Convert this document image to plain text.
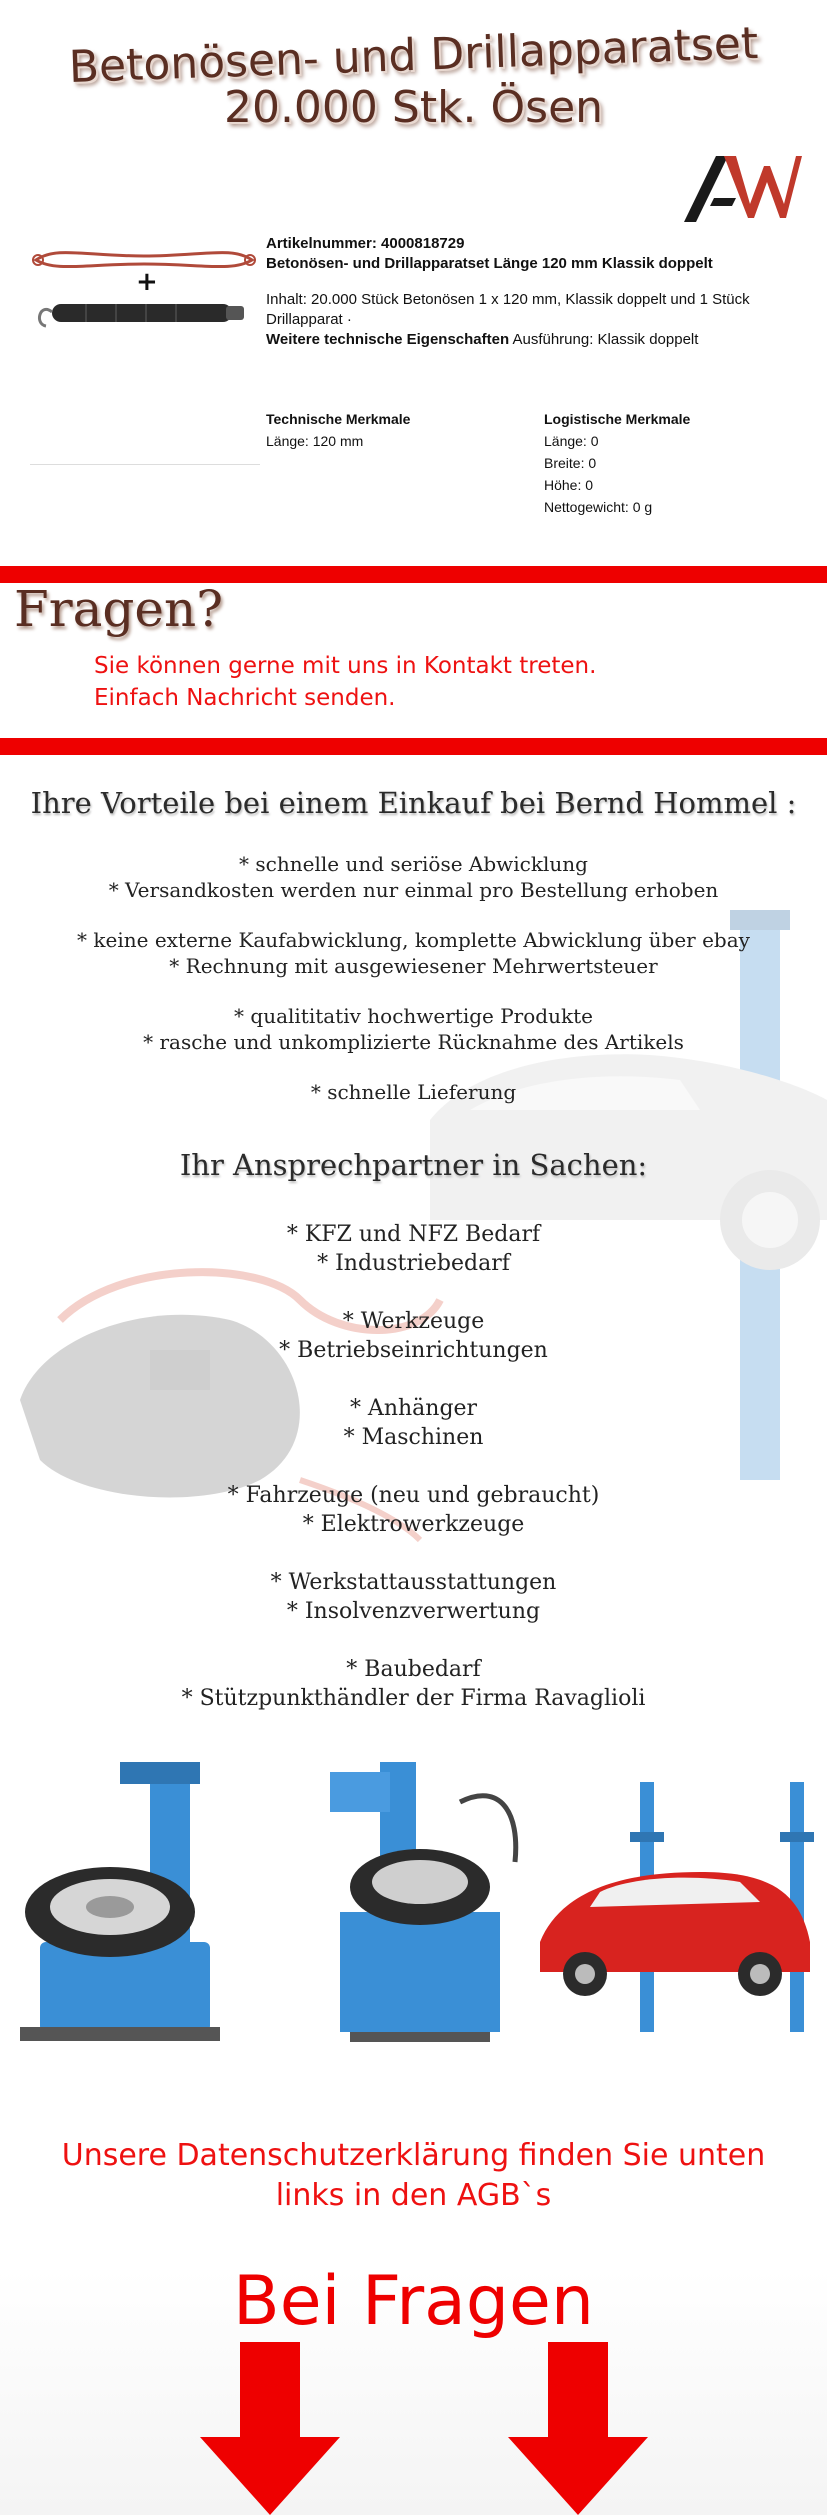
Betonösen- und Drillapparatset
20.000 Stk. Ösen
+

Artikelnummer: 4000818729

Betonösen- und Drillapparatset Länge 120 mm Klassik doppelt

Inhalt: 20.000 Stück Betonösen 1 x 120 mm, Klassik doppelt und 1 Stück Drillapparat ·

Weitere technische Eigenschaften Ausführung: Klassik doppelt

Technische Merkmale
Länge: 120 mm
Logistische Merkmale
Länge: 0
Breite: 0
Höhe: 0
Nettogewicht: 0 g
Fragen?
Sie können gerne mit uns in Kontakt treten.
Einfach Nachricht senden.
Ihre Vorteile bei einem Einkauf bei Bernd Hommel :
* schnelle und seriöse Abwicklung
* Versandkosten werden nur einmal pro Bestellung erhoben
* keine externe Kaufabwicklung, komplette Abwicklung über ebay
* Rechnung mit ausgewiesener Mehrwertsteuer
* qualititativ hochwertige Produkte
* rasche und unkomplizierte Rücknahme des Artikels
* schnelle Lieferung
Ihr Ansprechpartner in Sachen:
* KFZ und NFZ Bedarf
* Industriebedarf
* Werkzeuge
* Betriebseinrichtungen
* Anhänger
* Maschinen
* Fahrzeuge (neu und gebraucht)
* Elektrowerkzeuge
* Werkstattausstattungen
* Insolvenzverwertung
* Baubedarf
* Stützpunkthändler der Firma Ravaglioli
Unsere Datenschutzerklärung finden Sie unten
links in den AGB`s
Bei Fragen
